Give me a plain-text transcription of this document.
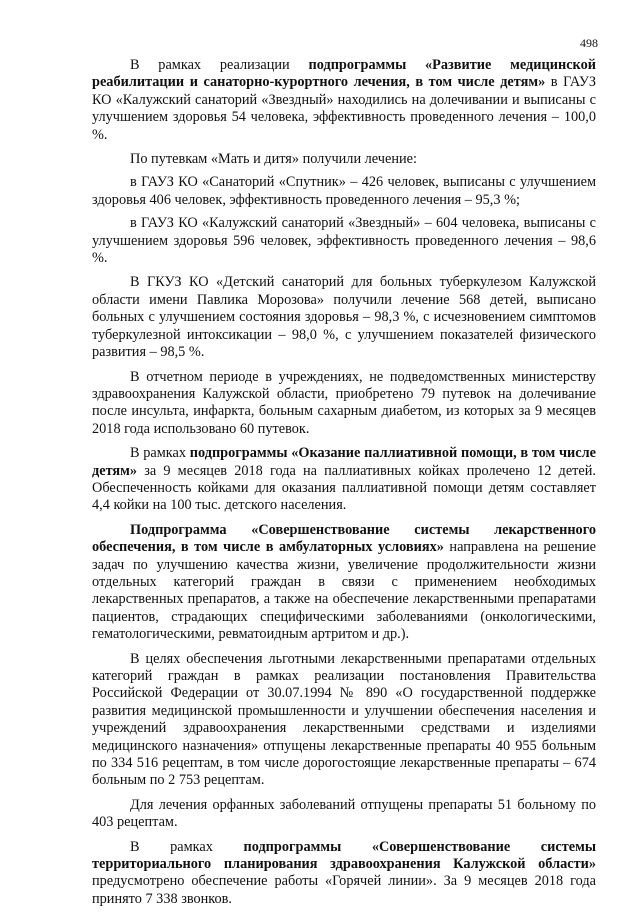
498

В рамках реализации подпрограммы «Развитие медицинской реабилитации и санаторно-курортного лечения, в том числе детям» в ГАУЗ КО «Калужский санаторий «Звездный» находились на долечивании и выписаны с улучшением здоровья 54 человека, эффективность проведенного лечения – 100,0 %.

По путевкам «Мать и дитя» получили лечение:

в ГАУЗ КО «Санаторий «Спутник» – 426 человек, выписаны с улучшением здоровья 406 человек, эффективность проведенного лечения – 95,3 %;

в ГАУЗ КО «Калужский санаторий «Звездный» – 604 человека, выписаны с улучшением здоровья 596 человек, эффективность проведенного лечения – 98,6 %.

В ГКУЗ КО «Детский санаторий для больных туберкулезом Калужской области имени Павлика Морозова» получили лечение 568 детей, выписано больных с улучшением состояния здоровья – 98,3 %, с исчезновением симптомов туберкулезной интоксикации – 98,0 %, с улучшением показателей физического развития – 98,5 %.

В отчетном периоде в учреждениях, не подведомственных министерству здравоохранения Калужской области, приобретено 79 путевок на долечивание после инсульта, инфаркта, больным сахарным диабетом, из которых за 9 месяцев 2018 года использовано 60 путевок.

В рамках подпрограммы «Оказание паллиативной помощи, в том числе детям» за 9 месяцев 2018 года на паллиативных койках пролечено 12 детей. Обеспеченность койками для оказания паллиативной помощи детям составляет 4,4 койки на 100 тыс. детского населения.

Подпрограмма «Совершенствование системы лекарственного обеспечения, в том числе в амбулаторных условиях» направлена на решение задач по улучшению качества жизни, увеличение продолжительности жизни отдельных категорий граждан в связи с применением необходимых лекарственных препаратов, а также на обеспечение лекарственными препаратами пациентов, страдающих специфическими заболеваниями (онкологическими, гематологическими, ревматоидным артритом и др.).

В целях обеспечения льготными лекарственными препаратами отдельных категорий граждан в рамках реализации постановления Правительства Российской Федерации от 30.07.1994 № 890 «О государственной поддержке развития медицинской промышленности и улучшении обеспечения населения и учреждений здравоохранения лекарственными средствами и изделиями медицинского назначения» отпущены лекарственные препараты 40 955 больным по 334 516 рецептам, в том числе дорогостоящие лекарственные препараты – 674 больным по 2 753 рецептам.

Для лечения орфанных заболеваний отпущены препараты 51 больному по 403 рецептам.

В рамках подпрограммы «Совершенствование системы территориального планирования здравоохранения Калужской области» предусмотрено обеспечение работы «Горячей линии». За 9 месяцев 2018 года принято 7 338 звонков.
